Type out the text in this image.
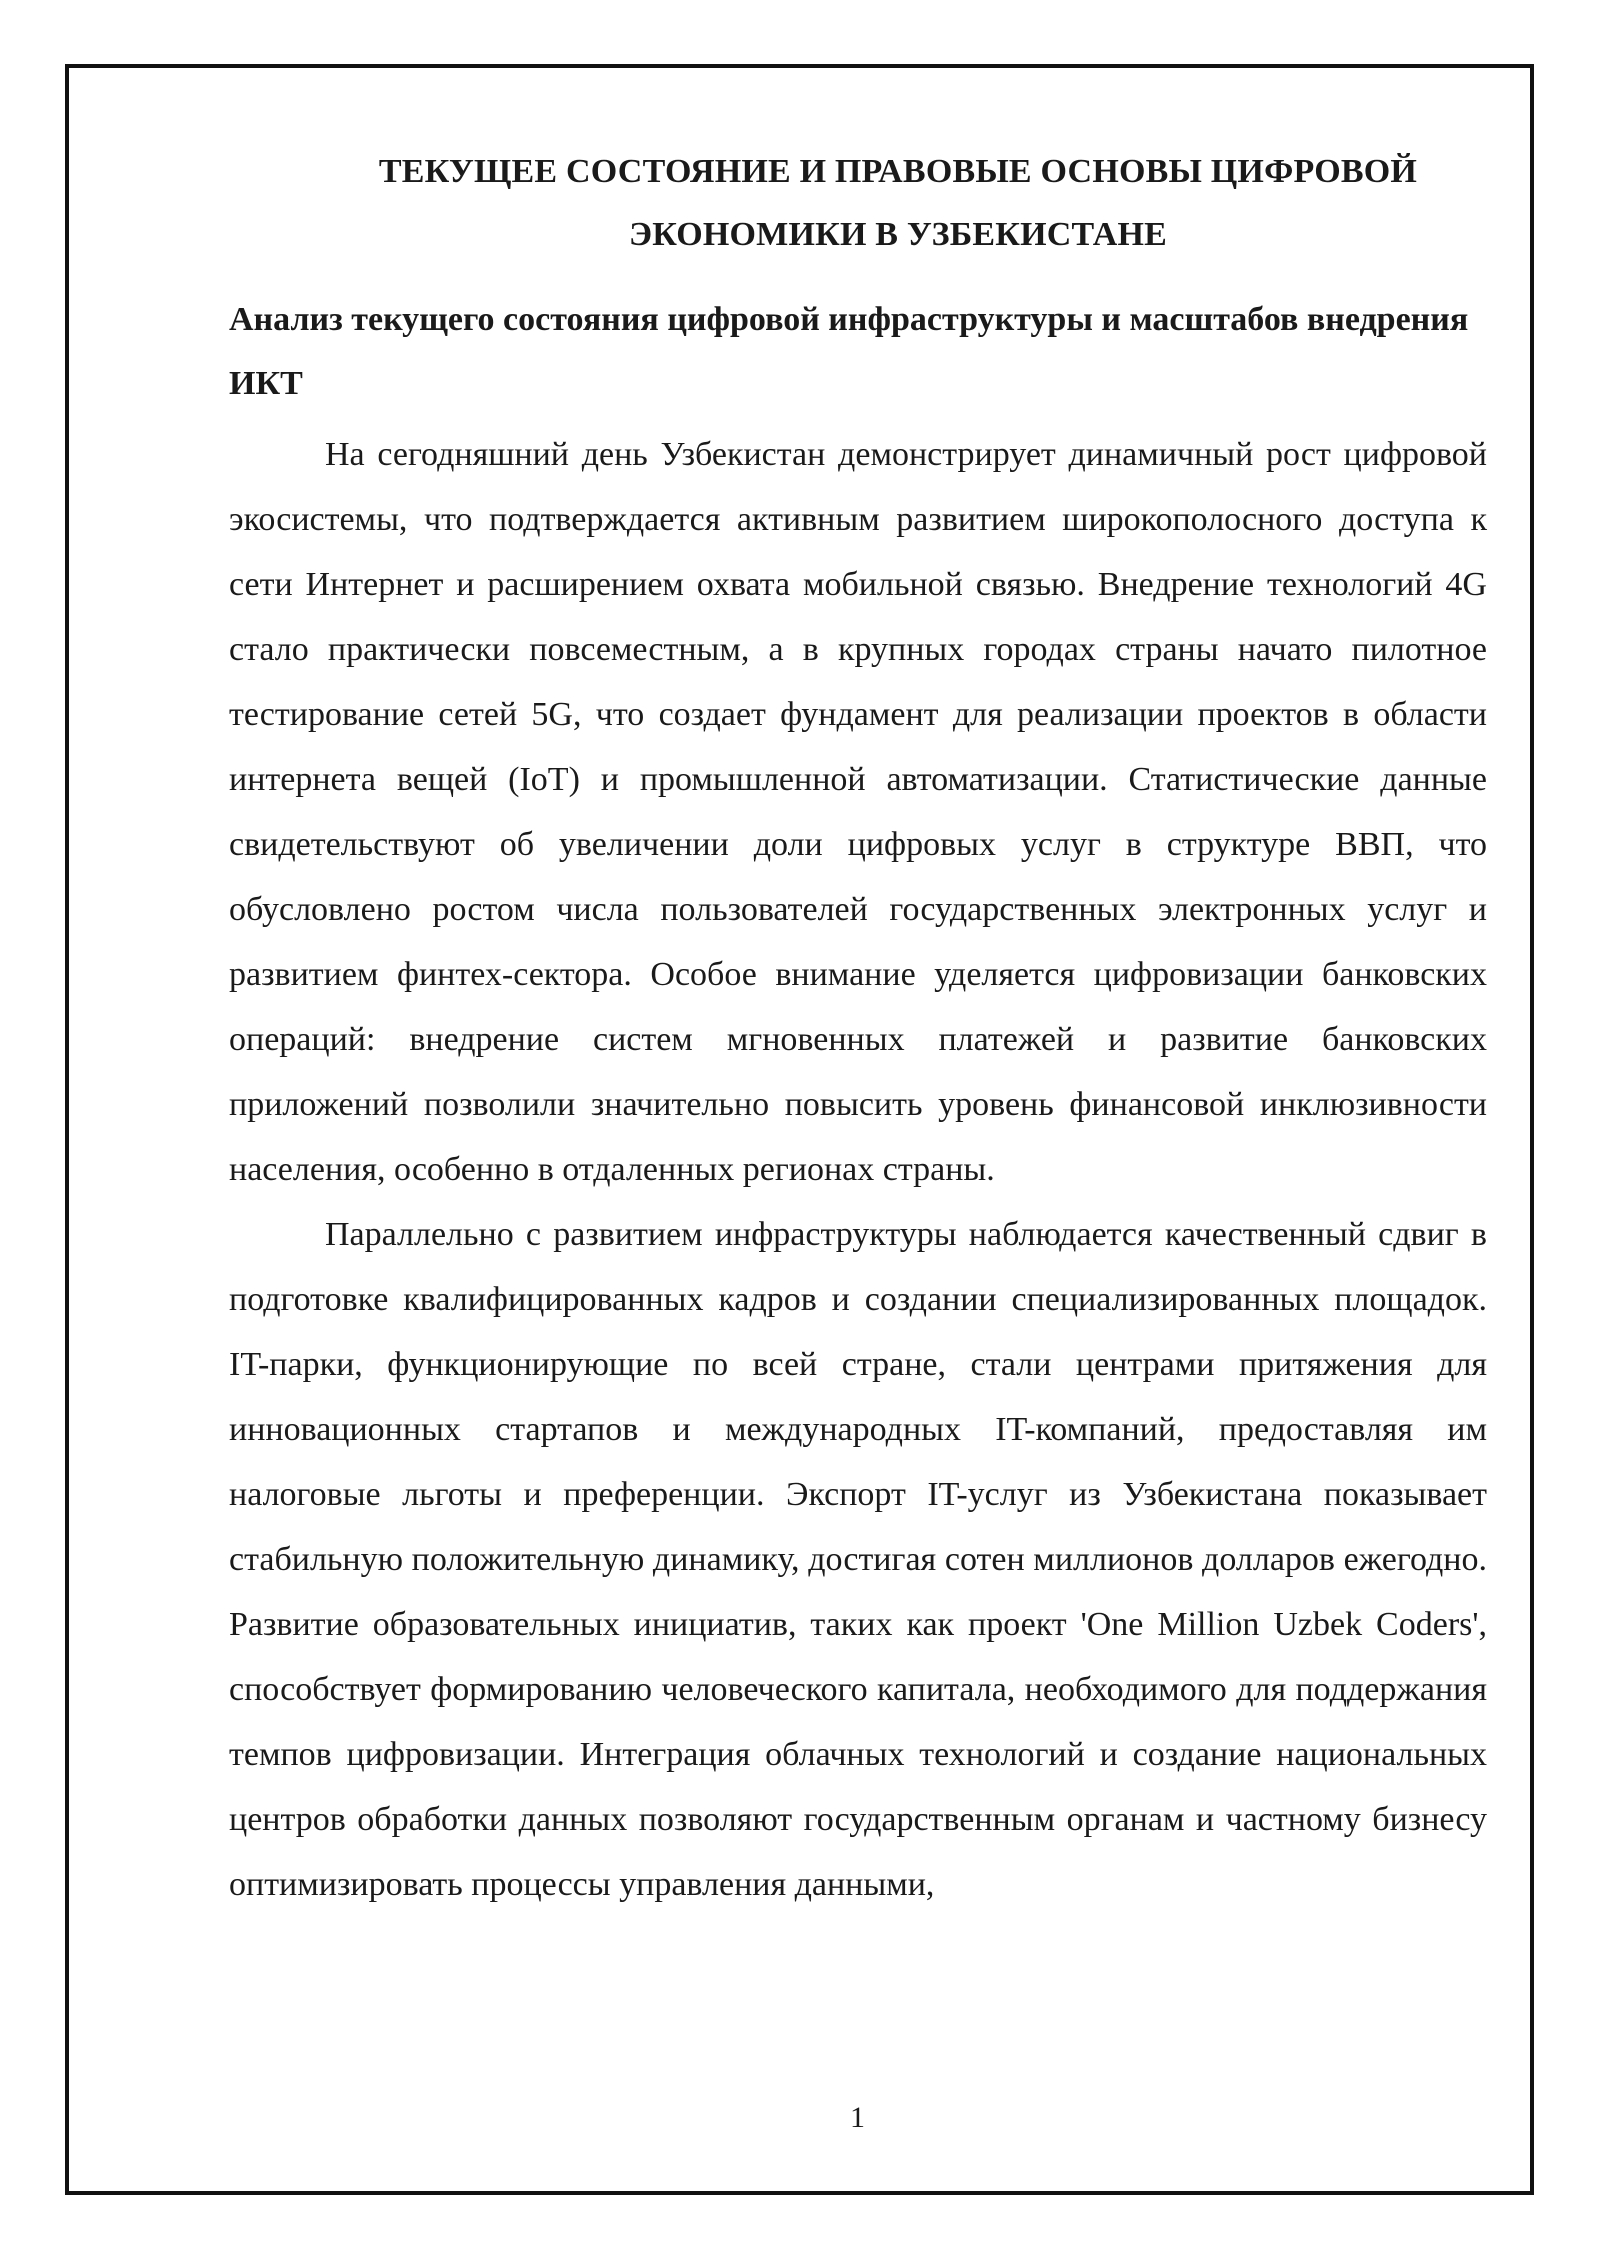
ТЕКУЩЕЕ СОСТОЯНИЕ И ПРАВОВЫЕ ОСНОВЫ ЦИФРОВОЙ
ЭКОНОМИКИ В УЗБЕКИСТАНЕ
Анализ текущего состояния цифровой инфраструктуры и масштабов внедрения ИКТ

На сегодняшний день Узбекистан демонстрирует динамичный рост цифровой экосистемы, что подтверждается активным развитием широкополосного доступа к сети Интернет и расширением охвата мобильной связью. Внедрение технологий 4G стало практически повсеместным, а в крупных городах страны начато пилотное тестирование сетей 5G, что создает фундамент для реализации проектов в области интернета вещей (IoT) и промышленной автоматизации. Статистические данные свидетельствуют об увеличении доли цифровых услуг в структуре ВВП, что обусловлено ростом числа пользователей государственных электронных услуг и развитием финтех-сектора. Особое внимание уделяется цифровизации банковских операций: внедрение систем мгновенных платежей и развитие банковских приложений позволили значительно повысить уровень финансовой инклюзивности населения, особенно в отдаленных регионах страны.

Параллельно с развитием инфраструктуры наблюдается качественный сдвиг в подготовке квалифицированных кадров и создании специализированных площадок. IT-парки, функционирующие по всей стране, стали центрами притяжения для инновационных стартапов и международных IT-компаний, предоставляя им налоговые льготы и преференции. Экспорт IT-услуг из Узбекистана показывает стабильную положительную динамику, достигая сотен миллионов долларов ежегодно. Развитие образовательных инициатив, таких как проект 'One Million Uzbek Coders', способствует формированию человеческого капитала, необходимого для поддержания темпов цифровизации. Интеграция облачных технологий и создание национальных центров обработки данных позволяют государственным органам и частному бизнесу оптимизировать процессы управления данными,

1
